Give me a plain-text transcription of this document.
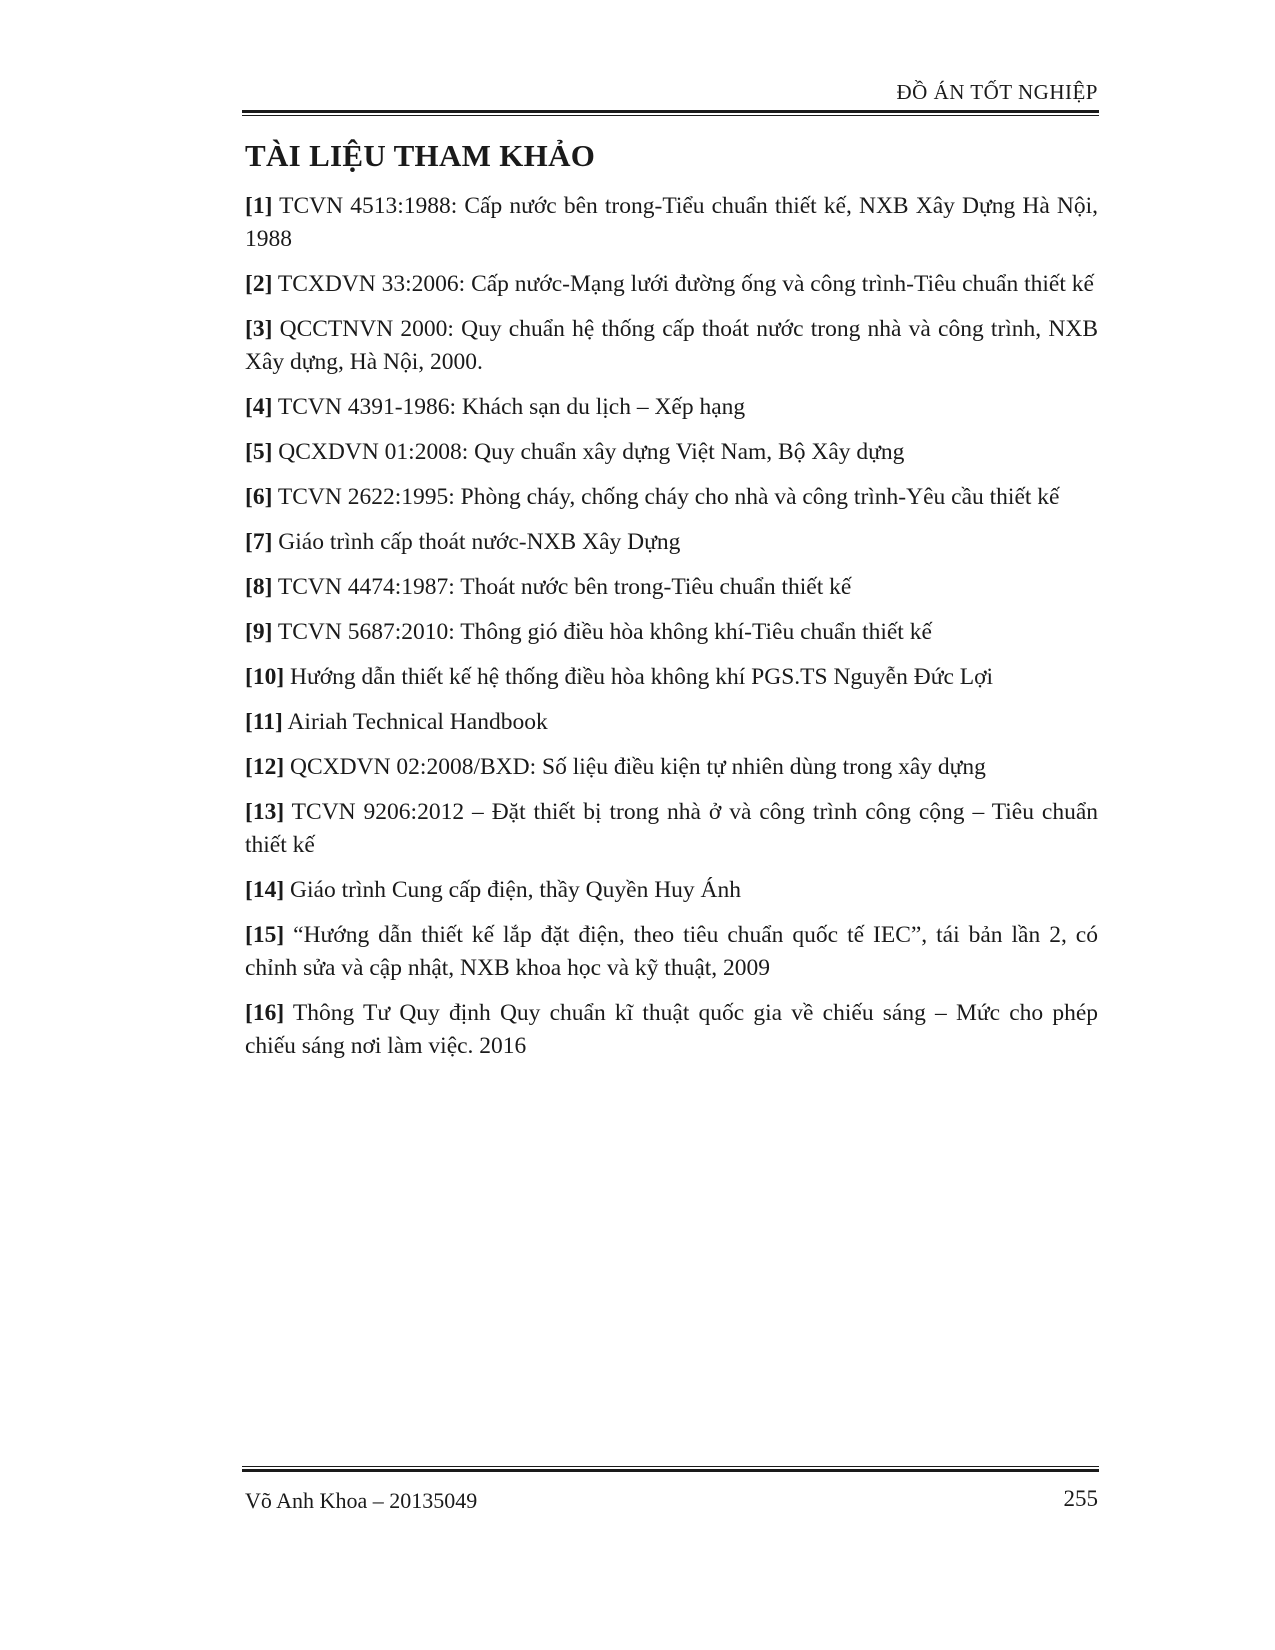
ĐỒ ÁN TỐT NGHIỆP
TÀI LIỆU THAM KHẢO
[1] TCVN 4513:1988: Cấp nước bên trong-Tiểu chuẩn thiết kế, NXB Xây Dựng Hà Nội, 1988
[2] TCXDVN 33:2006: Cấp nước-Mạng lưới đường ống và công trình-Tiêu chuẩn thiết kế
[3] QCCTNVN 2000: Quy chuẩn hệ thống cấp thoát nước trong nhà và công trình, NXB Xây dựng, Hà Nội, 2000.
[4] TCVN 4391-1986: Khách sạn du lịch – Xếp hạng
[5] QCXDVN 01:2008: Quy chuẩn xây dựng Việt Nam, Bộ Xây dựng
[6] TCVN 2622:1995: Phòng cháy, chống cháy cho nhà và công trình-Yêu cầu thiết kế
[7] Giáo trình cấp thoát nước-NXB Xây Dựng
[8] TCVN 4474:1987: Thoát nước bên trong-Tiêu chuẩn thiết kế
[9] TCVN 5687:2010: Thông gió điều hòa không khí-Tiêu chuẩn thiết kế
[10] Hướng dẫn thiết kế hệ thống điều hòa không khí PGS.TS Nguyễn Đức Lợi
[11] Airiah Technical Handbook
[12] QCXDVN 02:2008/BXD: Số liệu điều kiện tự nhiên dùng trong xây dựng
[13] TCVN 9206:2012 – Đặt thiết bị trong nhà ở và công trình công cộng – Tiêu chuẩn thiết kế
[14] Giáo trình Cung cấp điện, thầy Quyền Huy Ánh
[15] “Hướng dẫn thiết kế lắp đặt điện, theo tiêu chuẩn quốc tế IEC”, tái bản lần 2, có chỉnh sửa và cập nhật, NXB khoa học và kỹ thuật, 2009
[16] Thông Tư Quy định Quy chuẩn kĩ thuật quốc gia về chiếu sáng – Mức cho phép chiếu sáng nơi làm việc. 2016
Võ Anh Khoa – 20135049	255
